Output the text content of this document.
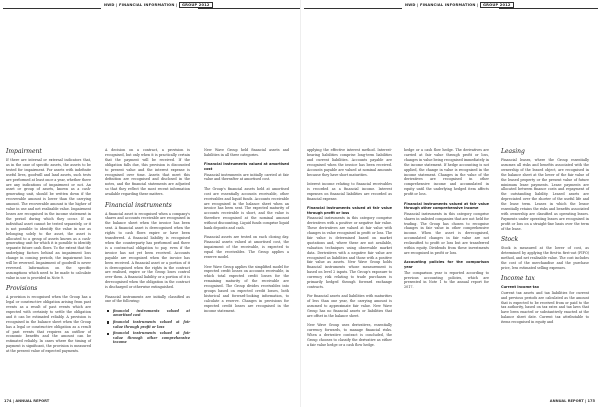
NWD | FINANCIAL INFORMATION | GROUP 2012
Impairment

If there are internal or external indicators that, as in the case of specific assets, the assets to be tested for impairment. For assets with indefinite useful lives, goodwill and land assets, such tests are performed at least once a year, whether there are any indications of impairment or not. An asset or group of assets, known as a cash-generating unit, should be written down if the recoverable amount is lower than the carrying amount. The recoverable amount is the higher of value in use and net realisable value. Impairment losses are recognised in the income statement in the period during which they occur. If an individual asset cannot be tested separately, or it is not possible to identify the value in use as belonging solely to the asset, the asset is allocated to a group of assets known as a cash-generating unit for which it is possible to identify separate future cash flows. To the extent that the underlying factors behind an impairment loss change in coming periods, the impairment loss will be reversed. Impairment of goodwill is never reversed. Information on the specific assumptions which need to be made to calculate value in use is provided in Note 9.

Provisions

A provision is recognised when the Group has a legal or constructive obligation arising from past events as a result of past events which are expected with certainty to settle the obligation and it can be estimated reliably. A provision is recognised in the balance sheet when the Group has a legal or constructive obligation as a result of past events that requires an outflow of economic benefits and the amount can be estimated reliably. In cases where the timing of payment is significant, the provision is measured at the present value of expected payments.

A decision on a contract, a provision is recognised, but only when it is practically certain that the payment will be received. If the obligation falls due, this provision is discounted to present value and the interest expense is recognised over time. Assets that meet this definition are recognised and disclosed in the notes, and the financial statements are adjusted so that they reflect the most recent information available regarding these matters.

Financial instruments

A financial asset is recognised when a company's shares and accounts receivable are recognised in the balance sheet when the invoice has been sent. A financial asset is derecognised when the rights to cash flows expire or have been transferred. A financial liability is recognised when the counterparty has performed and there is a contractual obligation to pay, even if the invoice has not yet been received. Accounts payable are recognised when the invoice has been received. A financial asset or a portion of it is derecognised when the rights in the contract are realised, expire or the Group loses control over them. A financial liability or a portion of it is derecognised when the obligation in the contract is discharged or otherwise extinguished.

Financial instruments are initially classified as one of the following:

financial instruments valued at amortised cost
financial instruments valued at fair value through profit or loss
financial instruments valued at fair value through other comprehensive income

New Wave Group held financial assets and liabilities in all three categories.

Financial instruments valued at amortised cost

Financial instruments are initially carried at fair value and thereafter at amortised cost.

The Group's financial assets held at amortised cost are essentially accounts receivable, other receivables and liquid funds. Accounts receivable are recognised in the balance sheet when an invoice has been sent. The expected maturity of accounts receivable is short, and the value is therefore recognised at the nominal amount without discounting. Liquid funds comprise liquid bank deposits and cash.

Financial assets are tested on each closing day. Financial assets valued at amortised cost, the impairment of the receivable, is expected to equal the receivables. The Group applies a reserve model.

New Wave Group applies the simplified model for expected credit losses on accounts receivable, in which total expected credit losses for the remaining maturity of the receivable are recognised. The Group divides receivables into groups based on expected credit losses, both historical and forward-looking information, to calculate a reserve. Changes in provisions for expected credit losses are recognised in the income statement.

174 | ANNUAL REPORT
NWD | FINANCIAL INFORMATION | GROUP 2012

applying the effective interest method. Interest-bearing liabilities comprise long-term liabilities and current liabilities. Accounts payable are recognised when the invoice has been received. Accounts payable are valued at nominal amounts because they have short maturities.

Interest income relating to financial receivables is recorded as a financial income. Interest expenses on financial liabilities are recorded as financial expense.

Financial instruments valued at fair value through profit or loss

Financial instruments in this category comprise derivatives with a positive or negative fair value. These derivatives are valued at fair value with changes in value recognised in profit or loss. The fair value is determined based on market quotations and, where these are not available, valuation techniques using observable market data. Derivatives with a negative fair value are recognised as liabilities and those with a positive fair value as assets. New Wave Group holds financial instruments whose measurement is based on level 2 inputs. The Group's exposure to currency risk relating to trade purchases is primarily hedged through forward exchange contracts.

For financial assets and liabilities with maturities of less than one year, the carrying amount is assumed to approximate fair value. New Wave Group has no financial assets or liabilities that are offset in the balance sheet.

New Wave Group uses derivatives, essentially currency forwards, to manage financial risks. When a derivative contract is concluded, the Group chooses to classify the derivative as either a fair value hedge or a cash flow hedge.

hedge or a cash flow hedge. The derivatives are carried at fair value through profit or loss, changes in value being recognised immediately in the income statement. If hedge accounting is not applied, the change in value is recognised in the income statement. Changes in the value of the derivatives are recognised in other comprehensive income and accumulated in equity until the underlying hedged item affects profit or loss.

Financial instruments valued at fair value through other comprehensive income

Financial instruments in this category comprise shares in unlisted companies that are not held for trading. The Group has chosen to recognise changes in fair value in other comprehensive income. When the asset is derecognised, accumulated changes in fair value are not reclassified to profit or loss but are transferred within equity. Dividends from these investments are recognised in profit or loss.

Accounting policies for the comparison year

The comparison year is reported according to previous accounting policies, which are presented in Note 1 to the annual report for 2017.

Leasing

Financial leases, where the Group essentially assumes all risks and benefits associated with the ownership of the leased object, are recognised in the balance sheet at the lower of the fair value of the leased property or the present value of future minimum lease payments. Lease payments are allocated between finance costs and repayment of the outstanding liability. Leased assets are depreciated over the shorter of the useful life and the lease term. Leases in which the lessor essentially retains the risks and benefits associated with ownership are classified as operating leases. Payments under operating leases are recognised in profit or loss on a straight-line basis over the term of the lease.

Stock

Stock is measured at the lower of cost, as determined by applying the first-in first-out (FIFO) method, and net realisable value. The cost includes the cost of the merchandise and the purchase price, less estimated selling expenses.

Income tax
Current income tax

Current tax assets and tax liabilities for current and previous periods are calculated as the amount that is expected to be received from or paid to the tax authority, based on tax rates and tax laws that have been enacted or substantively enacted at the balance sheet date. Current tax attributable to items recognised in equity and

ANNUAL REPORT | 175
